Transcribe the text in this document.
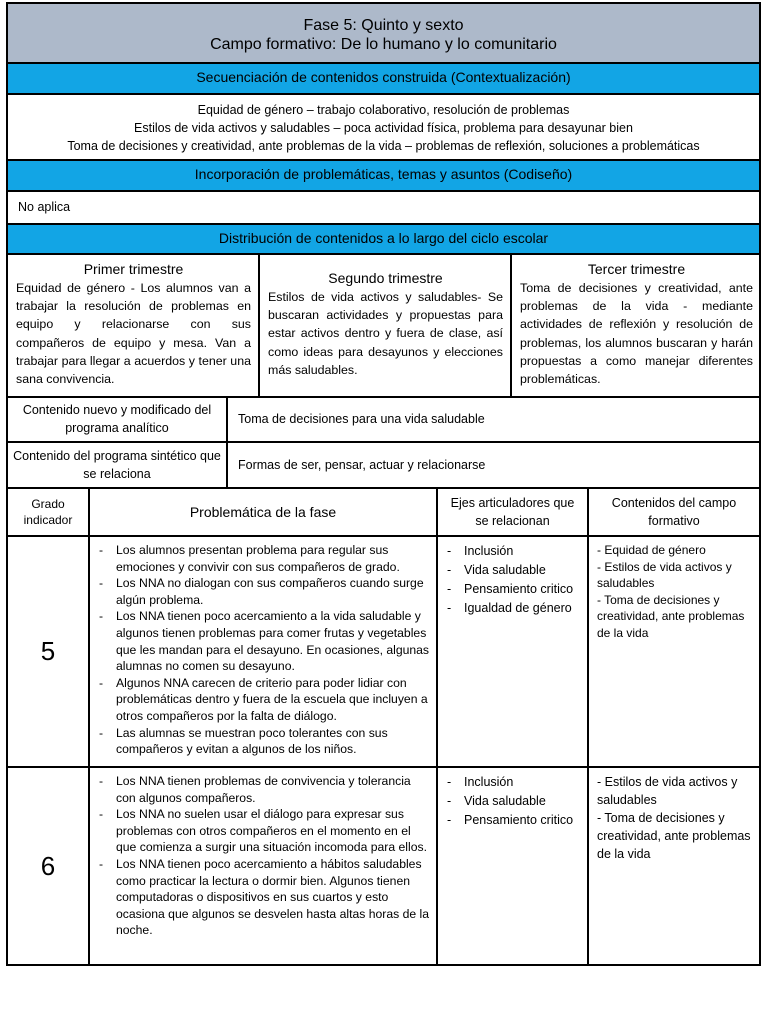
Fase 5: Quinto y sexto
Campo formativo: De lo humano y lo comunitario
Secuenciación de contenidos construida (Contextualización)
Equidad de género – trabajo colaborativo, resolución de problemas
Estilos de vida activos y saludables – poca actividad física, problema para desayunar bien
Toma de decisiones y creatividad, ante problemas de la vida – problemas de reflexión, soluciones a problemáticas
Incorporación de problemáticas, temas y asuntos (Codiseño)
No aplica
Distribución de contenidos a lo largo del ciclo escolar
Primer trimestre
Equidad de género - Los alumnos van a trabajar la resolución de problemas en equipo y relacionarse con sus compañeros de equipo y mesa. Van a trabajar para llegar a acuerdos y tener una sana convivencia.
Segundo trimestre
Estilos de vida activos y saludables- Se buscaran actividades y propuestas para estar activos dentro y fuera de clase, así como ideas para desayunos y elecciones más saludables.
Tercer trimestre
Toma de decisiones y creatividad, ante problemas de la vida - mediante actividades de reflexión y resolución de problemas, los alumnos buscaran y harán propuestas a como manejar diferentes problemáticas.
Contenido nuevo y modificado del programa analítico
Toma de decisiones para una vida saludable
Contenido del programa sintético que se relaciona
Formas de ser, pensar, actuar y relacionarse
Grado indicador	Problemática de la fase
Ejes articuladores que se relacionan
Contenidos del campo formativo
5
- Los alumnos presentan problema para regular sus emociones y convivir con sus compañeros de grado.
- Los NNA no dialogan con sus compañeros cuando surge algún problema.
- Los NNA tienen poco acercamiento a la vida saludable y algunos tienen problemas para comer frutas y vegetables que les mandan para el desayuno. En ocasiones, algunas alumnas no comen su desayuno.
- Algunos NNA carecen de criterio para poder lidiar con problemáticas dentro y fuera de la escuela que incluyen a otros compañeros por la falta de diálogo.
- Las alumnas se muestran poco tolerantes con sus compañeros y evitan a algunos de los niños.
- Inclusión
- Vida saludable
- Pensamiento critico
- Igualdad de género
- Equidad de género
- Estilos de vida activos y saludables
- Toma de decisiones y creatividad, ante problemas de la vida
6
- Los NNA tienen problemas de convivencia y tolerancia con algunos compañeros.
- Los NNA no suelen usar el diálogo para expresar sus problemas con otros compañeros en el momento en el que comienza a surgir una situación incomoda para ellos.
- Los NNA tienen poco acercamiento a hábitos saludables como practicar la lectura o dormir bien. Algunos tienen computadoras o dispositivos en sus cuartos y esto ocasiona que algunos se desvelen hasta altas horas de la noche.
- Inclusión
- Vida saludable
- Pensamiento critico
- Estilos de vida activos y saludables
- Toma de decisiones y creatividad, ante problemas de la vida
